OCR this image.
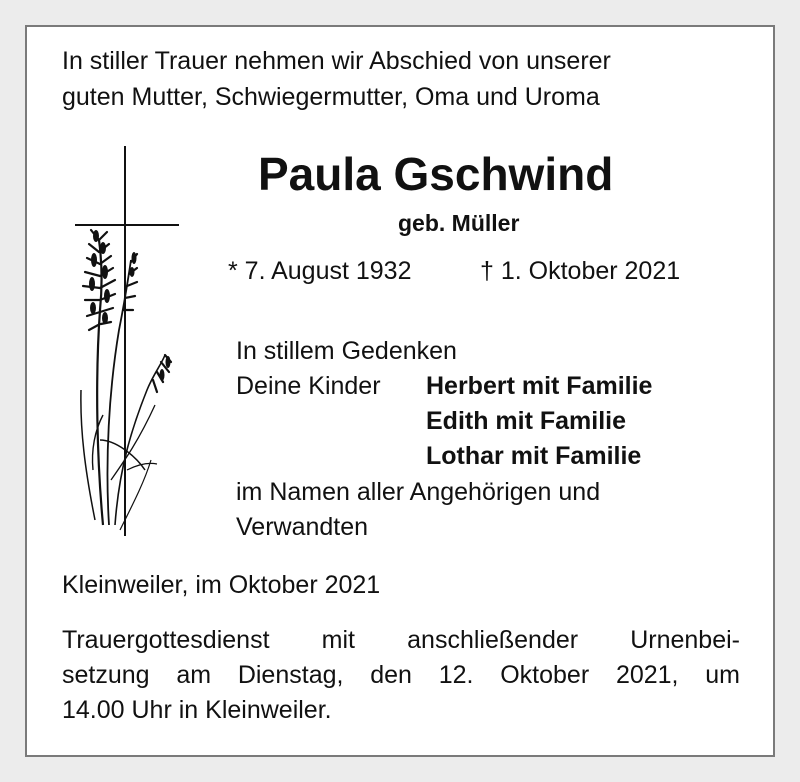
In stiller Trauer nehmen wir Abschied von unserer
guten Mutter, Schwiegermutter, Oma und Uroma
Paula Gschwind
geb. Müller
* 7. August 1932	† 1. Oktober 2021
In stillem Gedenken
Deine Kinder Herbert mit Familie
Edith mit Familie
Lothar mit Familie
im Namen aller Angehörigen und
Verwandten
Kleinweiler, im Oktober 2021
Trauergottesdienst mit anschließender Urnenbei-
setzung am Dienstag, den 12. Oktober 2021, um
14.00 Uhr in Kleinweiler.
